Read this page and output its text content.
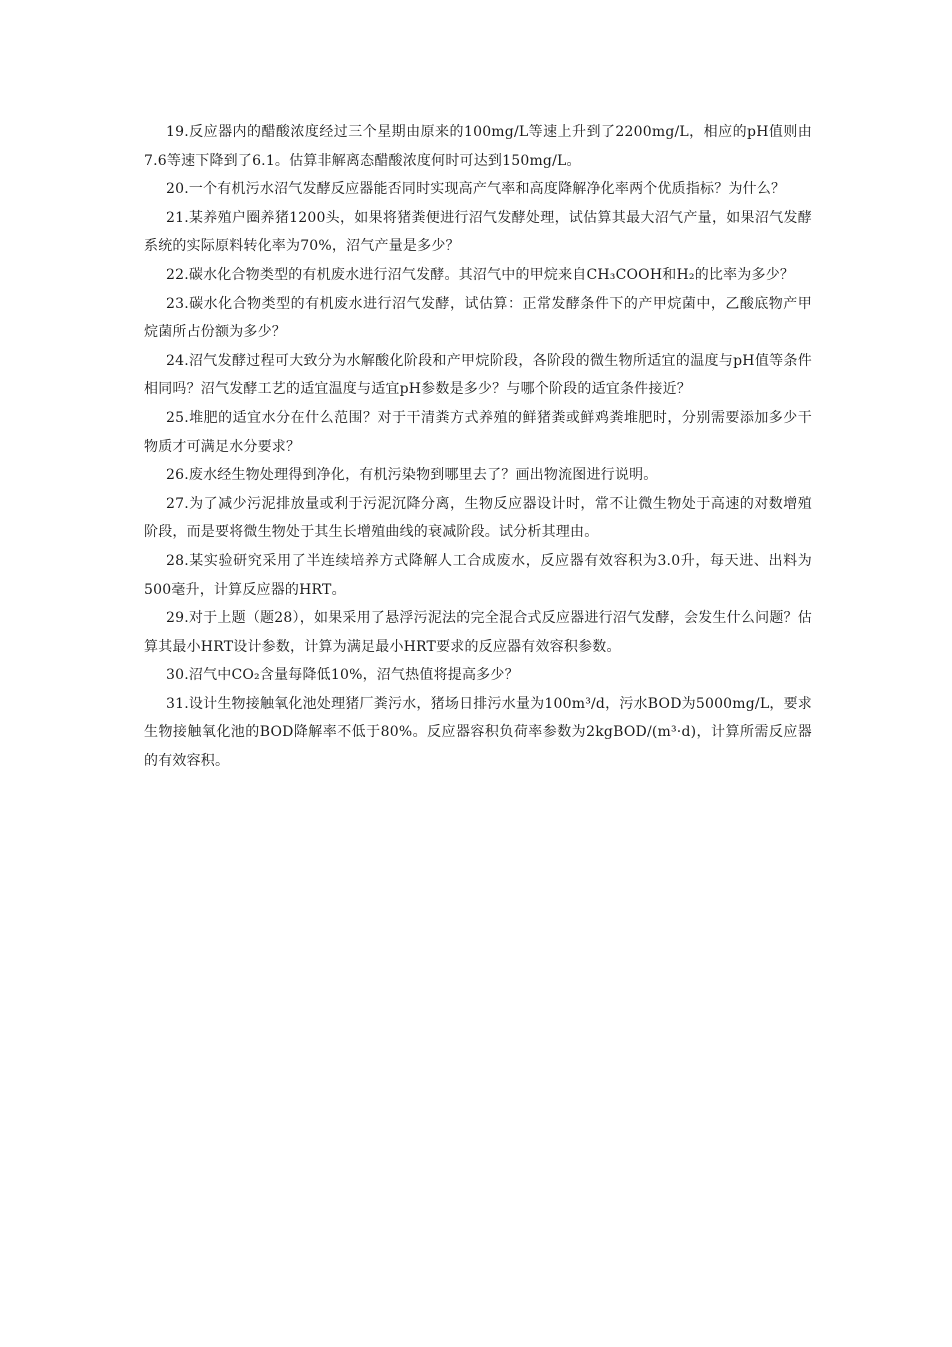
19.反应器内的醋酸浓度经过三个星期由原来的100mg/L等速上升到了2200mg/L，相应的pH值则由7.6等速下降到了6.1。估算非解离态醋酸浓度何时可达到150mg/L。

20.一个有机污水沼气发酵反应器能否同时实现高产气率和高度降解净化率两个优质指标？为什么？

21.某养殖户圈养猪1200头，如果将猪粪便进行沼气发酵处理，试估算其最大沼气产量，如果沼气发酵系统的实际原料转化率为70%，沼气产量是多少？

22.碳水化合物类型的有机废水进行沼气发酵。其沼气中的甲烷来自CH₃COOH和H₂的比率为多少？

23.碳水化合物类型的有机废水进行沼气发酵，试估算：正常发酵条件下的产甲烷菌中，乙酸底物产甲烷菌所占份额为多少？

24.沼气发酵过程可大致分为水解酸化阶段和产甲烷阶段，各阶段的微生物所适宜的温度与pH值等条件相同吗？沼气发酵工艺的适宜温度与适宜pH参数是多少？与哪个阶段的适宜条件接近？

25.堆肥的适宜水分在什么范围？对于干清粪方式养殖的鲜猪粪或鲜鸡粪堆肥时，分别需要添加多少干物质才可满足水分要求？

26.废水经生物处理得到净化，有机污染物到哪里去了？画出物流图进行说明。

27.为了减少污泥排放量或利于污泥沉降分离，生物反应器设计时，常不让微生物处于高速的对数增殖阶段，而是要将微生物处于其生长增殖曲线的衰减阶段。试分析其理由。

28.某实验研究采用了半连续培养方式降解人工合成废水，反应器有效容积为3.0升，每天进、出料为500毫升，计算反应器的HRT。

29.对于上题（题28），如果采用了悬浮污泥法的完全混合式反应器进行沼气发酵，会发生什么问题？估算其最小HRT设计参数，计算为满足最小HRT要求的反应器有效容积参数。

30.沼气中CO₂含量每降低10%，沼气热值将提高多少？

31.设计生物接触氧化池处理猪厂粪污水，猪场日排污水量为100m³/d，污水BOD为5000mg/L，要求生物接触氧化池的BOD降解率不低于80%。反应器容积负荷率参数为2kgBOD/(m³·d)，计算所需反应器的有效容积。
